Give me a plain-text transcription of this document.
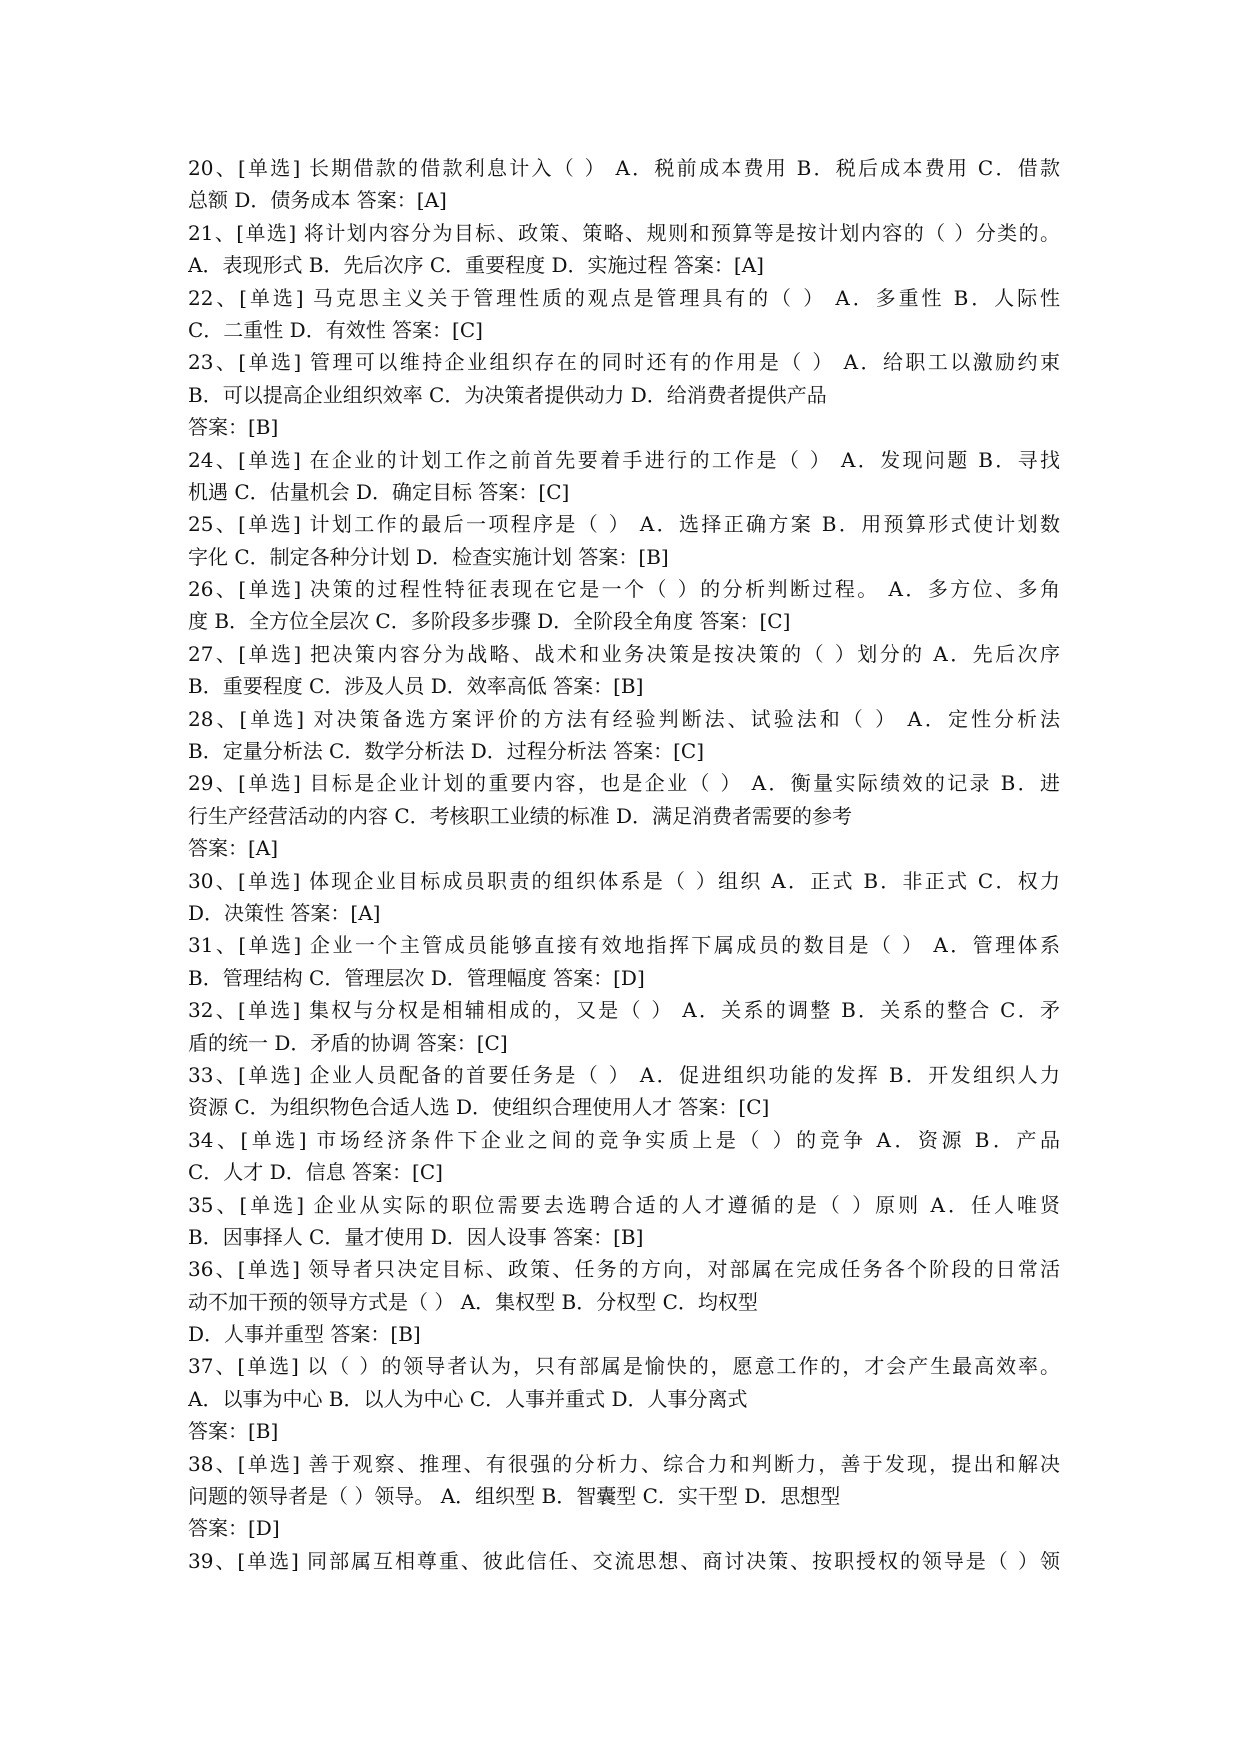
20、[单选] 长期借款的借款利息计入（ ） A．税前成本费用 B．税后成本费用 C．借款
总额 D．债务成本 答案：[A]
21、[单选] 将计划内容分为目标、政策、策略、规则和预算等是按计划内容的（ ）分类的。
A．表现形式 B．先后次序 C．重要程度 D．实施过程 答案：[A]
22、[单选] 马克思主义关于管理性质的观点是管理具有的（ ） A．多重性 B．人际性
C．二重性 D．有效性 答案：[C]
23、[单选] 管理可以维持企业组织存在的同时还有的作用是（ ） A．给职工以激励约束
B．可以提高企业组织效率 C．为决策者提供动力 D．给消费者提供产品
答案：[B]
24、[单选] 在企业的计划工作之前首先要着手进行的工作是（ ） A．发现问题 B．寻找
机遇 C．估量机会 D．确定目标 答案：[C]
25、[单选] 计划工作的最后一项程序是（ ） A．选择正确方案 B．用预算形式使计划数
字化 C．制定各种分计划 D．检查实施计划 答案：[B]
26、[单选] 决策的过程性特征表现在它是一个（ ）的分析判断过程。 A．多方位、多角
度 B．全方位全层次 C．多阶段多步骤 D．全阶段全角度 答案：[C]
27、[单选] 把决策内容分为战略、战术和业务决策是按决策的（ ）划分的 A．先后次序
B．重要程度 C．涉及人员 D．效率高低 答案：[B]
28、[单选] 对决策备选方案评价的方法有经验判断法、试验法和（ ） A．定性分析法
B．定量分析法 C．数学分析法 D．过程分析法 答案：[C]
29、[单选] 目标是企业计划的重要内容，也是企业（ ） A．衡量实际绩效的记录 B．进
行生产经营活动的内容 C．考核职工业绩的标准 D．满足消费者需要的参考
答案：[A]
30、[单选] 体现企业目标成员职责的组织体系是（ ）组织 A．正式 B．非正式 C．权力
D．决策性 答案：[A]
31、[单选] 企业一个主管成员能够直接有效地指挥下属成员的数目是（ ） A．管理体系
B．管理结构 C．管理层次 D．管理幅度 答案：[D]
32、[单选] 集权与分权是相辅相成的，又是（ ） A．关系的调整 B．关系的整合 C．矛
盾的统一 D．矛盾的协调 答案：[C]
33、[单选] 企业人员配备的首要任务是（ ） A．促进组织功能的发挥 B．开发组织人力
资源 C．为组织物色合适人选 D．使组织合理使用人才 答案：[C]
34、[单选] 市场经济条件下企业之间的竞争实质上是（ ）的竞争 A．资源 B．产品
C．人才 D．信息 答案：[C]
35、[单选] 企业从实际的职位需要去选聘合适的人才遵循的是（ ）原则 A．任人唯贤
B．因事择人 C．量才使用 D．因人设事 答案：[B]
36、[单选] 领导者只决定目标、政策、任务的方向，对部属在完成任务各个阶段的日常活
动不加干预的领导方式是（ ） A．集权型 B．分权型 C．均权型
D．人事并重型 答案：[B]
37、[单选] 以（ ）的领导者认为，只有部属是愉快的，愿意工作的，才会产生最高效率。
A．以事为中心 B．以人为中心 C．人事并重式 D．人事分离式
答案：[B]
38、[单选] 善于观察、推理、有很强的分析力、综合力和判断力，善于发现，提出和解决
问题的领导者是（ ）领导。 A．组织型 B．智囊型 C．实干型 D．思想型
答案：[D]
39、[单选] 同部属互相尊重、彼此信任、交流思想、商讨决策、按职授权的领导是（ ）领
